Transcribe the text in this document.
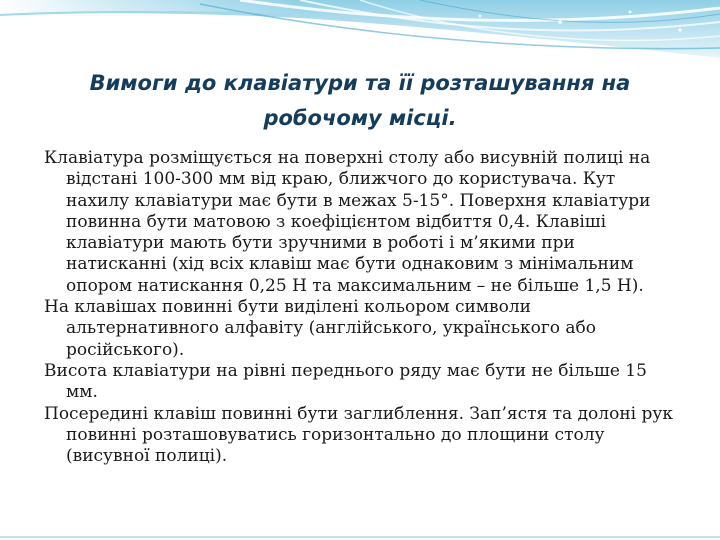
Вимоги до клавіатури та її розташування на
робочому місці.

Клавіатура розміщується на поверхні столу або висувній полиці на відстані 100-300 мм від краю, ближчого до користувача. Кут нахилу клавіатури має бути в межах 5-15°. Поверхня клавіатури повинна бути матовою з коефіцієнтом відбиття 0,4. Клавіші клавіатури мають бути зручними в роботі і м’якими при натисканні (хід всіх клавіш має бути однаковим з мінімальним опором натискання 0,25 Н та максимальним – не більше 1,5 Н).

На клавішах повинні бути виділені кольором символи альтернативного алфавіту (англійського, українського або російського).

Висота клавіатури на рівні переднього ряду має бути не більше 15 мм.

Посередині клавіш повинні бути заглиблення. Зап’ястя та долоні рук повинні розташовуватись горизонтально до площини столу (висувної полиці).
